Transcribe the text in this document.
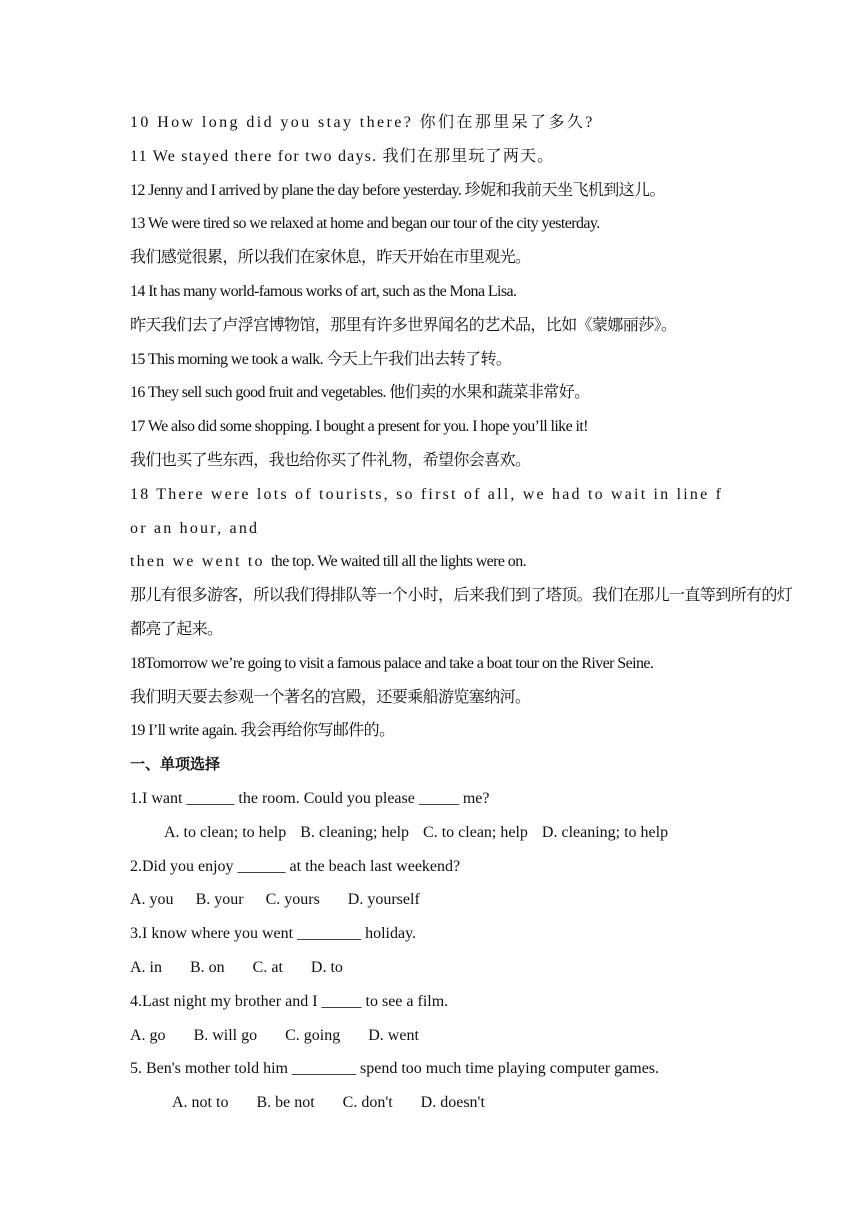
10 How long did you stay there? 你们在那里呆了多久?
11 We stayed there for two days. 我们在那里玩了两天。
12 Jenny and I arrived by plane the day before yesterday. 珍妮和我前天坐飞机到这儿。
13 We were tired so we relaxed at home and began our tour of the city yesterday.
我们感觉很累，所以我们在家休息，昨天开始在市里观光。
14 It has many world-famous works of art, such as the Mona Lisa.
昨天我们去了卢浮宫博物馆，那里有许多世界闻名的艺术品，比如《蒙娜丽莎》。
15 This morning we took a walk. 今天上午我们出去转了转。
16 They sell such good fruit and vegetables. 他们卖的水果和蔬菜非常好。
17 We also did some shopping. I bought a present for you. I hope you’ll like it!
我们也买了些东西，我也给你买了件礼物，希望你会喜欢。
18 There were lots of tourists, so first of all, we had to wait in line f
or an hour, and
then we went to the top. We waited till all the lights were on.
那儿有很多游客，所以我们得排队等一个小时，后来我们到了塔顶。我们在那儿一直等到所有的灯
都亮了起来。
18Tomorrow we’re going to visit a famous palace and take a boat tour on the River Seine.
我们明天要去参观一个著名的宫殿，还要乘船游览塞纳河。
19 I’ll write again. 我会再给你写邮件的。
一、单项选择
1.I want ______ the room. Could you please _____ me?
A. to clean; to help B. cleaning; help C. to clean; help D. cleaning; to help
2.Did you enjoy ______ at the beach last weekend?
A. you B. your C. yours D. yourself
3.I know where you went ________ holiday.
A. in B. on C. at D. to
4.Last night my brother and I _____ to see a film.
A. go B. will go C. going D. went
5. Ben's mother told him ________ spend too much time playing computer games.
A. not to B. be not C. don't D. doesn't
